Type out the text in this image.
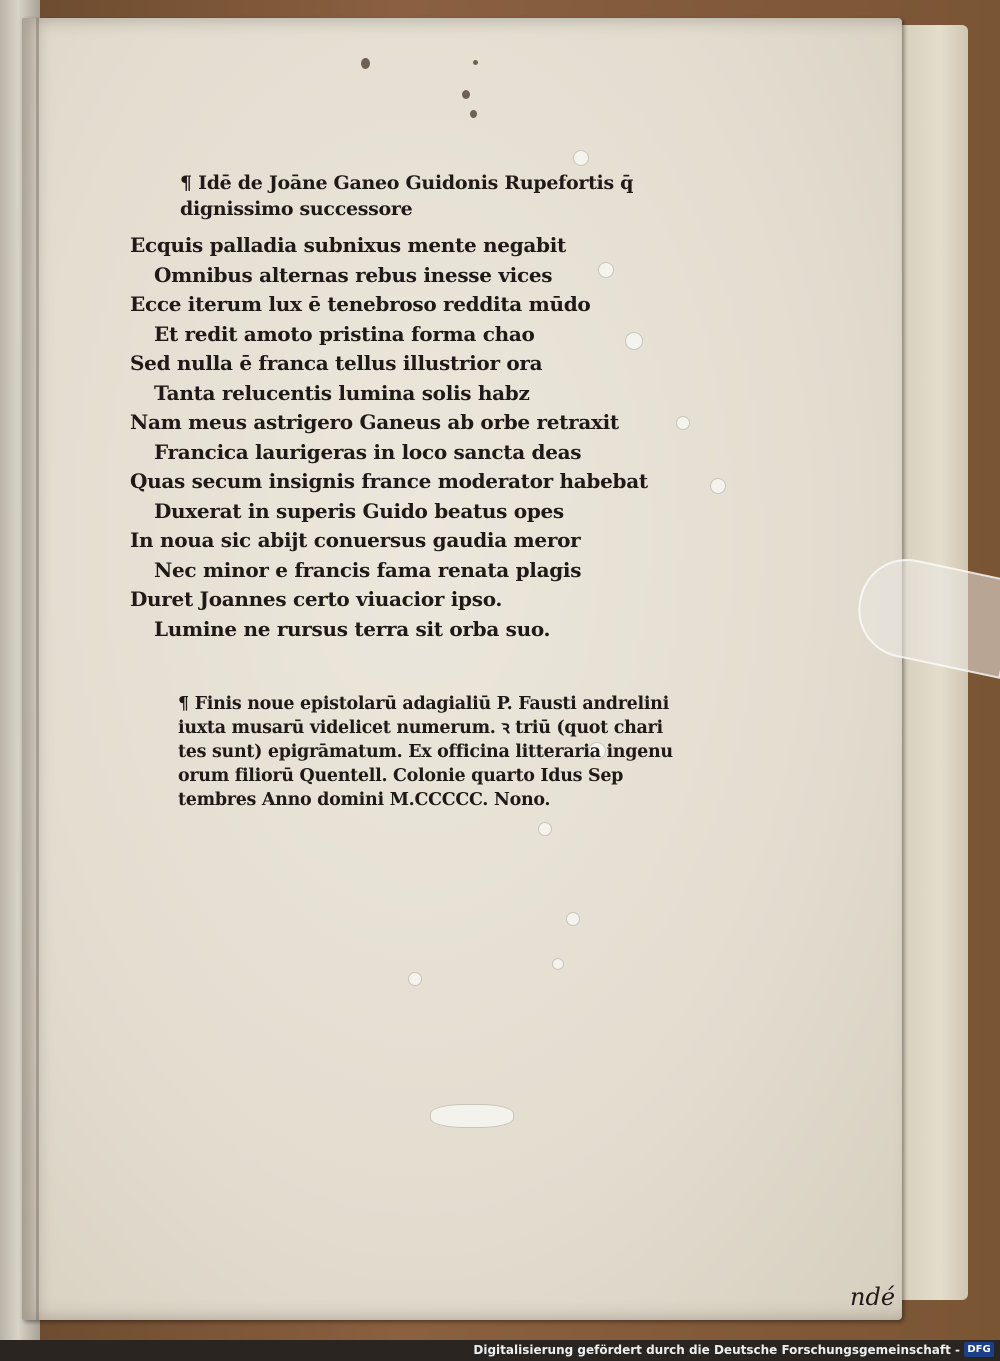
¶ Idē de Joāne Ganeo Guidonis Rupefortis q̄
dignissimo successore
Ecquis palladia subnixus mente negabit
Omnibus alternas rebus inesse vices
Ecce iterum lux ē tenebroso reddita mūdo
Et redit amoto pristina forma chao
Sed nulla ē franca tellus illustrior ora
Tanta relucentis lumina solis habz
Nam meus astrigero Ganeus ab orbe retraxit
Francica laurigeras in loco sancta deas
Quas secum insignis france moderator habebat
Duxerat in superis Guido beatus opes
In noua sic abijt conuersus gaudia meror
Nec minor e francis fama renata plagis
Duret Joannes certo viuacior ipso.
Lumine ne rursus terra sit orba suo.
¶ Finis noue epistolarū adagialiū P. Fausti andrelini
iuxta musarū videlicet numerum. ꝛ triū (quot chari
tes sunt) epigrāmatum. Ex officina litteraria ingenu
orum filiorū Quentell. Colonie quarto Idus Sep
tembres Anno domini M.CCCCC. Nono.
ndé
Digitalisierung gefördert durch die Deutsche Forschungsgemeinschaft - DFG
